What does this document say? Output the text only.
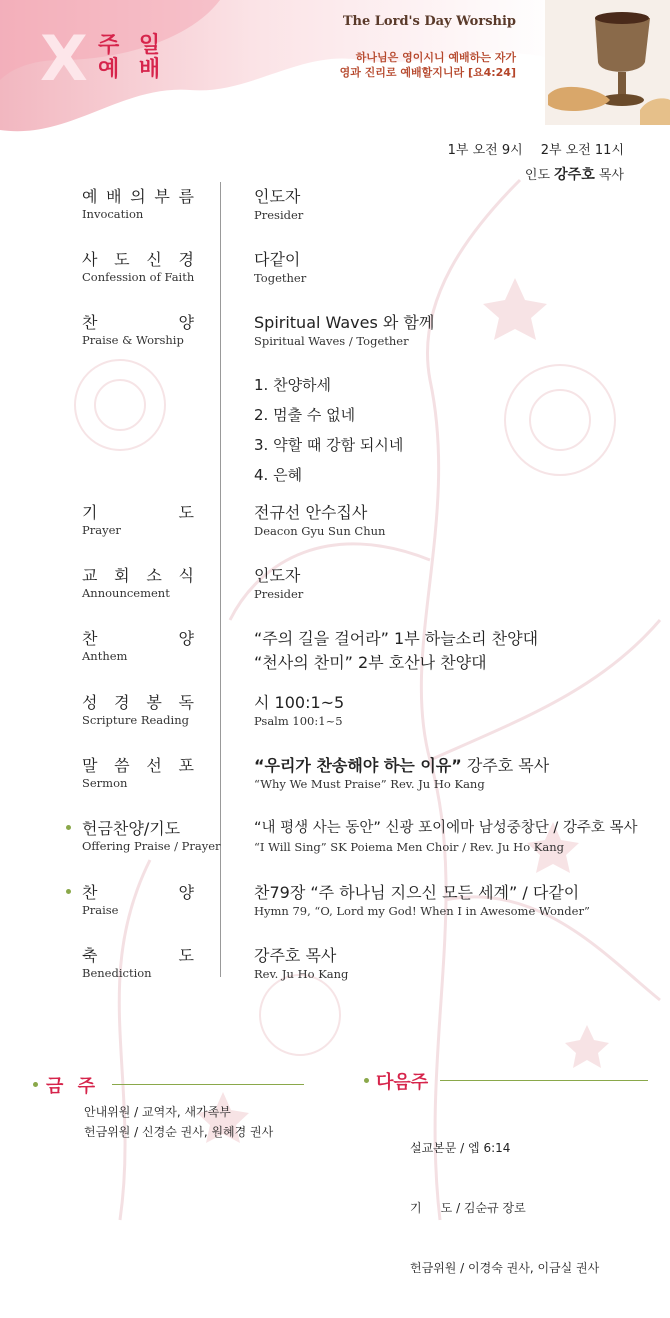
X 주 일
예 배
The Lord's Day Worship
하나님은 영이시니 예배하는 자가
영과 진리로 예배할지니라 [요4:24]
1부 오전 9시 2부 오전 11시
인도 강주호 목사
예 배 의 부 름
Invocation
인도자
Presider
사 도 신 경
Confession of Faith
다같이
Together
찬	양
Praise & Worship
Spiritual Waves 와 함께
Spiritual Waves / Together
1. 찬양하세
2. 멈출 수 없네
3. 약할 때 강함 되시네
4. 은혜
기	도
Prayer
전규선 안수집사
Deacon Gyu Sun Chun
교 회 소 식
Announcement
인도자
Presider
찬	양
Anthem
“주의 길을 걸어라” 1부 하늘소리 찬양대
“천사의 찬미” 2부 호산나 찬양대
성 경 봉 독
Scripture Reading
시 100:1~5
Psalm 100:1~5
말 씀 선 포
Sermon
“우리가 찬송해야 하는 이유” 강주호 목사
“Why We Must Praise” Rev. Ju Ho Kang
헌금찬양/기도
Offering Praise / Prayer
“내 평생 사는 동안” 신광 포이에마 남성중창단 / 강주호 목사
“I Will Sing” SK Poiema Men Choir / Rev. Ju Ho Kang
찬	양
Praise
찬79장 “주 하나님 지으신 모든 세계” / 다같이
Hymn 79, “O, Lord my God! When I in Awesome Wonder”
축	도
Benediction
강주호 목사
Rev. Ju Ho Kang
금 주
안내위원 / 교역자, 새가족부
헌금위원 / 신경순 권사, 원혜경 권사
다음주

설교본문 / 엡 6:14

기     도 / 김순규 장로

헌금위원 / 이경숙 권사, 이금실 권사
